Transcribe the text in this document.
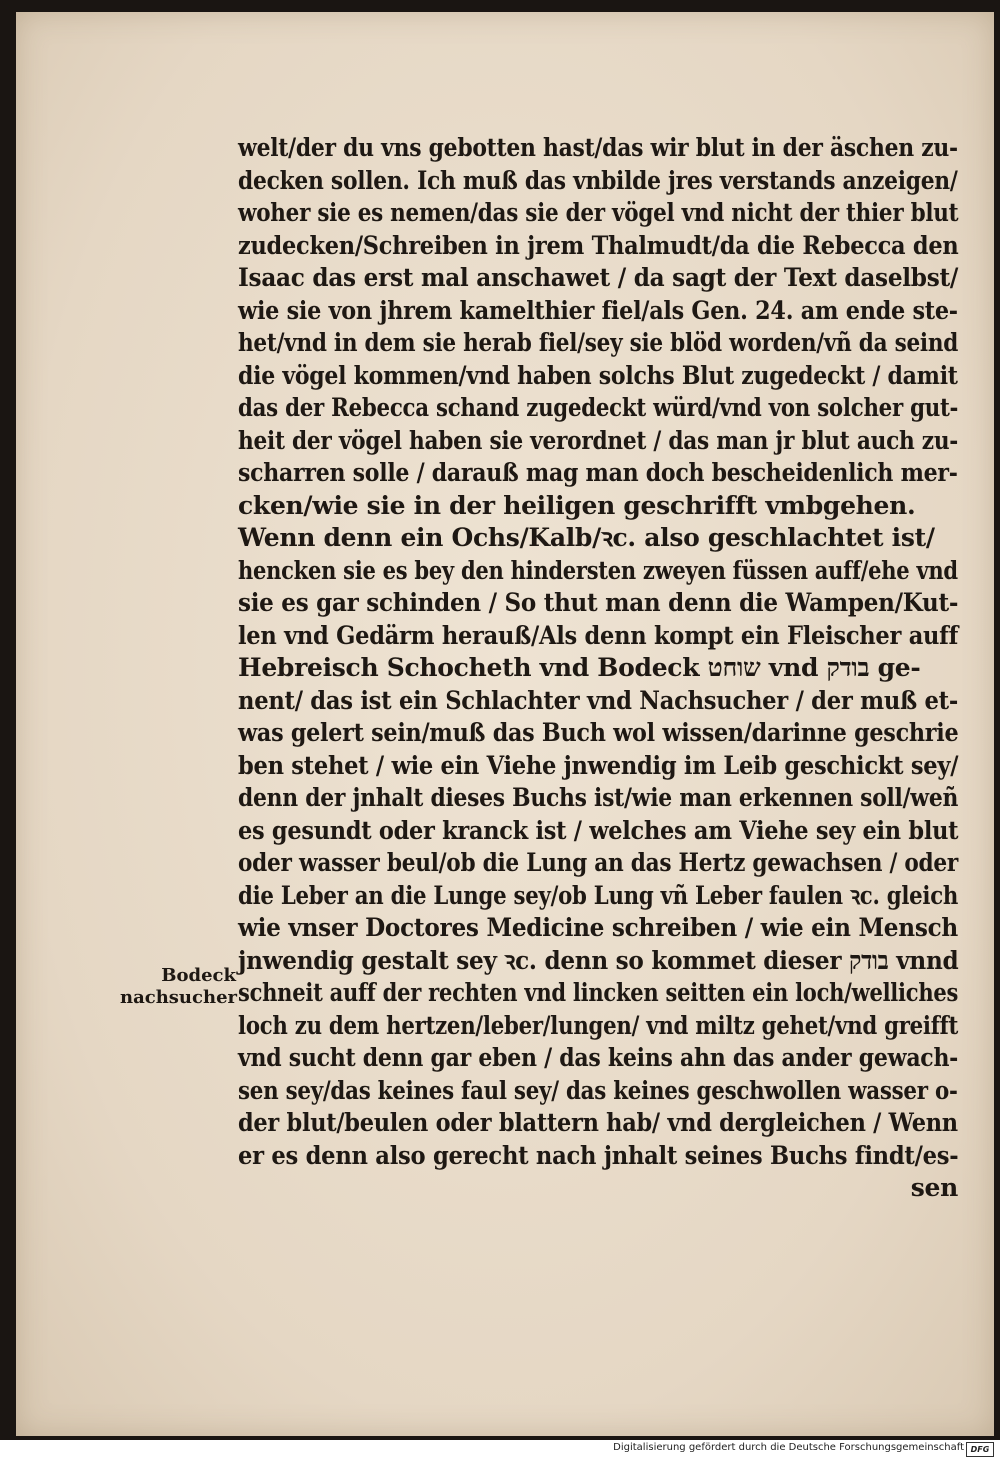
welt/der du vns gebotten hast/das wir blut in der äschen zu-
decken sollen. Ich muß das vnbilde jres verstands anzeigen/
woher sie es nemen/das sie der vögel vnd nicht der thier blut
zudecken/Schreiben in jrem Thalmudt/da die Rebecca den
Isaac das erst mal anschawet / da sagt der Text daselbst/
wie sie von jhrem kamelthier fiel/als Gen. 24. am ende ste-
het/vnd in dem sie herab fiel/sey sie blöd worden/vñ da seind
die vögel kommen/vnd haben solchs Blut zugedeckt / damit
das der Rebecca schand zugedeckt würd/vnd von solcher gut-
heit der vögel haben sie verordnet / das man jr blut auch zu-
scharren solle / darauß mag man doch bescheidenlich mer-
cken/wie sie in der heiligen geschrifft vmbgehen.
Wenn denn ein Ochs/Kalb/ꝛc. also geschlachtet ist/
hencken sie es bey den hindersten zweyen füssen auff/ehe vnd
sie es gar schinden / So thut man denn die Wampen/Kut-
len vnd Gedärm herauß/Als denn kompt ein Fleischer auff
Hebreisch Schocheth vnd Bodeck שוחט vnd בודק ge-
nent/ das ist ein Schlachter vnd Nachsucher / der muß et-
was gelert sein/muß das Buch wol wissen/darinne geschrie
ben stehet / wie ein Viehe jnwendig im Leib geschickt sey/
denn der jnhalt dieses Buchs ist/wie man erkennen soll/weñ
es gesundt oder kranck ist / welches am Viehe sey ein blut
oder wasser beul/ob die Lung an das Hertz gewachsen / oder
die Leber an die Lunge sey/ob Lung vñ Leber faulen ꝛc. gleich
wie vnser Doctores Medicine schreiben / wie ein Mensch
jnwendig gestalt sey ꝛc. denn so kommet dieser בודק vnnd
schneit auff der rechten vnd lincken seitten ein loch/welliches
loch zu dem hertzen/leber/lungen/ vnd miltz gehet/vnd greifft
vnd sucht denn gar eben / das keins ahn das ander gewach-
sen sey/das keines faul sey/ das keines geschwollen wasser o-
der blut/beulen oder blattern hab/ vnd dergleichen / Wenn
er es denn also gerecht nach jnhalt seines Buchs findt/es-
sen
Bodeck
nachsucher
Digitalisierung gefördert durch die Deutsche Forschungsgemeinschaft DFG
